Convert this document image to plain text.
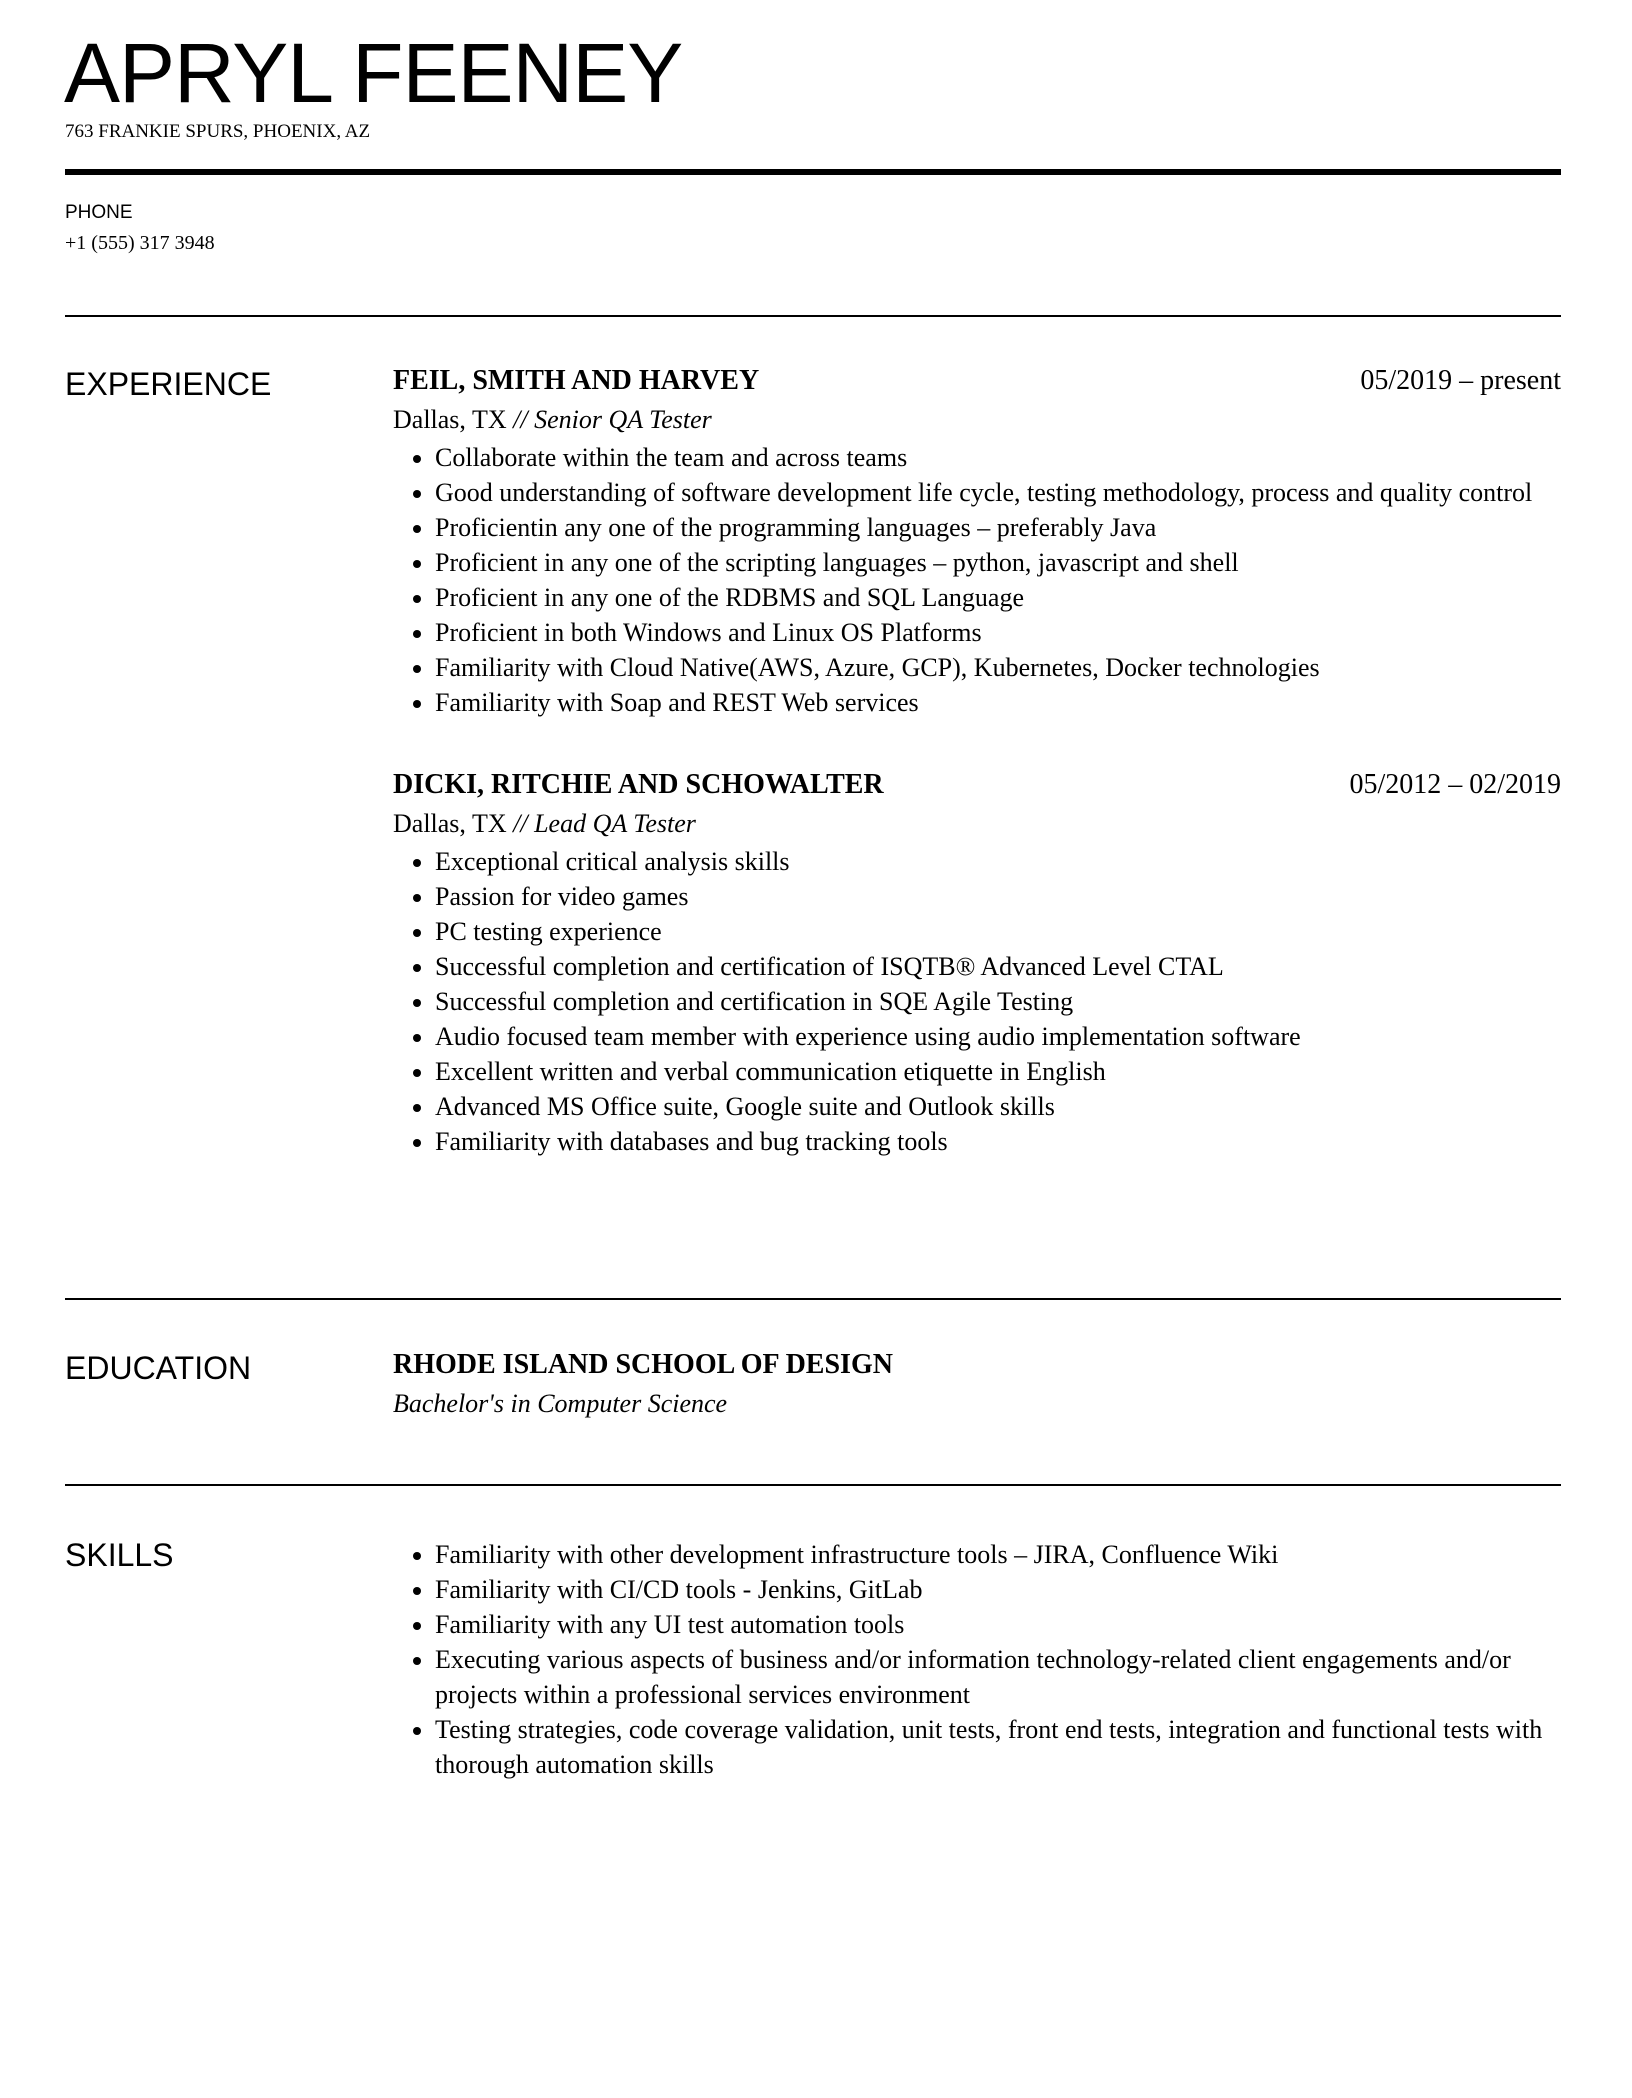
APRYL FEENEY
763 FRANKIE SPURS, PHOENIX, AZ
PHONE
+1 (555) 317 3948
EXPERIENCE	FEIL, SMITH AND HARVEY	05/2019 – present
Dallas, TX // Senior QA Tester
• Collaborate within the team and across teams
• Good understanding of software development life cycle, testing methodology, process and quality control
• Proficientin any one of the programming languages – preferably Java
• Proficient in any one of the scripting languages – python, javascript and shell
• Proficient in any one of the RDBMS and SQL Language
• Proficient in both Windows and Linux OS Platforms
• Familiarity with Cloud Native(AWS, Azure, GCP), Kubernetes, Docker technologies
• Familiarity with Soap and REST Web services
DICKI, RITCHIE AND SCHOWALTER	05/2012 – 02/2019
Dallas, TX // Lead QA Tester
• Exceptional critical analysis skills
• Passion for video games
• PC testing experience
• Successful completion and certification of ISQTB® Advanced Level CTAL
• Successful completion and certification in SQE Agile Testing
• Audio focused team member with experience using audio implementation software
• Excellent written and verbal communication etiquette in English
• Advanced MS Office suite, Google suite and Outlook skills
• Familiarity with databases and bug tracking tools
EDUCATION	RHODE ISLAND SCHOOL OF DESIGN
Bachelor's in Computer Science
SKILLS	• Familiarity with other development infrastructure tools – JIRA, Confluence Wiki
• Familiarity with CI/CD tools - Jenkins, GitLab
• Familiarity with any UI test automation tools
• Executing various aspects of business and/or information technology-related client engagements and/or projects within a professional services environment
• Testing strategies, code coverage validation, unit tests, front end tests, integration and functional tests with thorough automation skills
